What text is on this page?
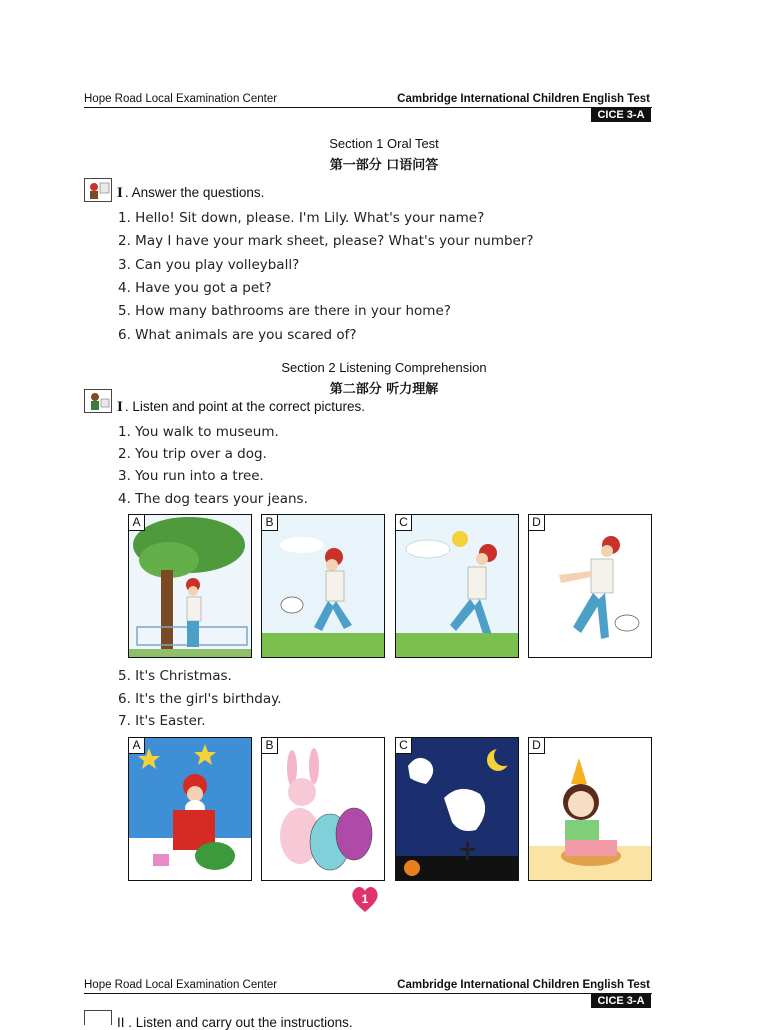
Hope Road Local Examination Center	Cambridge International Children English Test
CICE 3-A
Section 1 Oral Test
第一部分 口语问答
I . Answer the questions.
1. Hello! Sit down, please. I'm Lily. What's your name?
2. May I have your mark sheet, please? What's your number?
3. Can you play volleyball?
4. Have you got a pet?
5. How many bathrooms are there in your home?
6. What animals are you scared of?
Section 2 Listening Comprehension
第二部分 听力理解
I . Listen and point at the correct pictures.
1. You walk to museum.
2. You trip over a dog.
3. You run into a tree.
4. The dog tears your jeans.
A	B	C	D
5. It's Christmas.
6. It's the girl's birthday.
7. It's Easter.
A	B	C	D
1
Hope Road Local Examination Center	Cambridge International Children English Test
CICE 3-A
II . Listen and carry out the instructions.
